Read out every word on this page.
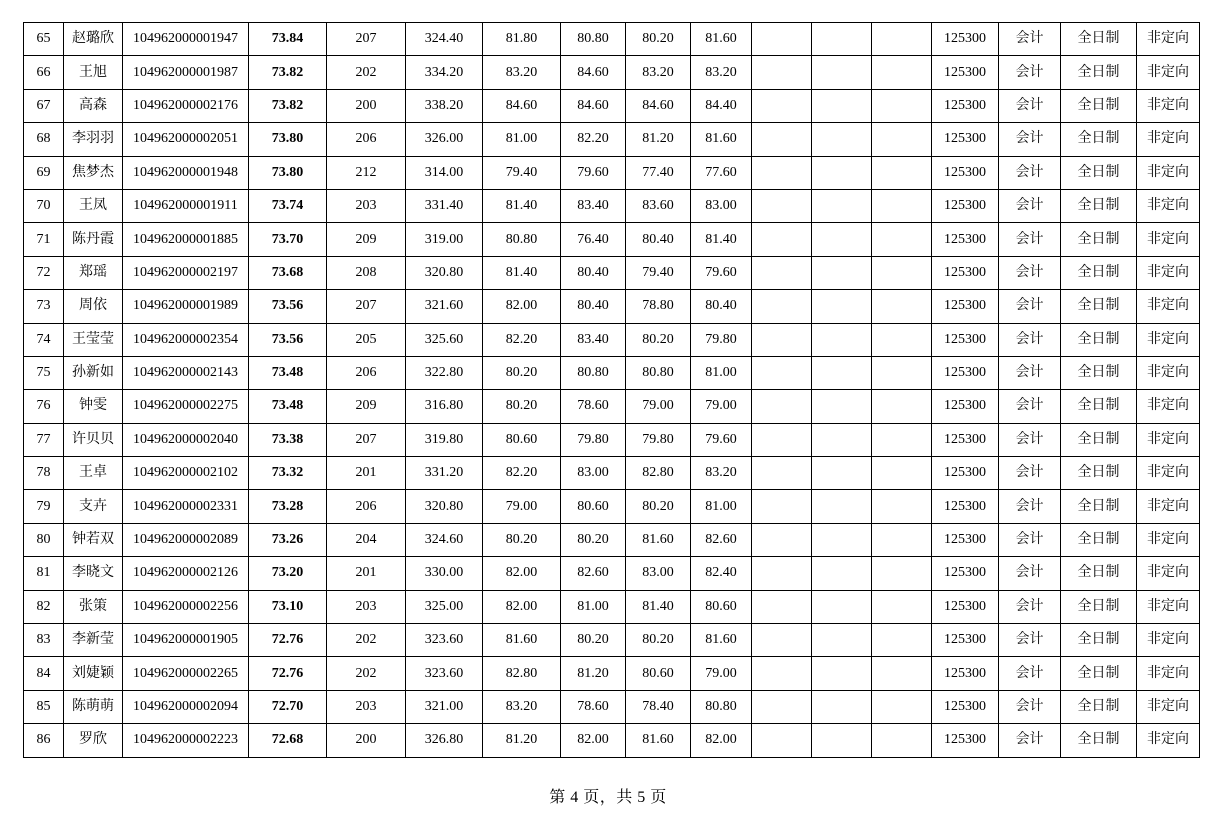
65	赵璐欣	104962000001947	73.84	207	324.40	81.80	80.80	80.20	81.60				125300	会计	全日制	非定向
66	王旭	104962000001987	73.82	202	334.20	83.20	84.60	83.20	83.20				125300	会计	全日制	非定向
67	高森	104962000002176	73.82	200	338.20	84.60	84.60	84.60	84.40				125300	会计	全日制	非定向
68	李羽羽	104962000002051	73.80	206	326.00	81.00	82.20	81.20	81.60				125300	会计	全日制	非定向
69	焦梦杰	104962000001948	73.80	212	314.00	79.40	79.60	77.40	77.60				125300	会计	全日制	非定向
70	王凤	104962000001911	73.74	203	331.40	81.40	83.40	83.60	83.00				125300	会计	全日制	非定向
71	陈丹霞	104962000001885	73.70	209	319.00	80.80	76.40	80.40	81.40				125300	会计	全日制	非定向
72	郑瑶	104962000002197	73.68	208	320.80	81.40	80.40	79.40	79.60				125300	会计	全日制	非定向
73	周依	104962000001989	73.56	207	321.60	82.00	80.40	78.80	80.40				125300	会计	全日制	非定向
74	王莹莹	104962000002354	73.56	205	325.60	82.20	83.40	80.20	79.80				125300	会计	全日制	非定向
75	孙新如	104962000002143	73.48	206	322.80	80.20	80.80	80.80	81.00				125300	会计	全日制	非定向
76	钟雯	104962000002275	73.48	209	316.80	80.20	78.60	79.00	79.00				125300	会计	全日制	非定向
77	许贝贝	104962000002040	73.38	207	319.80	80.60	79.80	79.80	79.60				125300	会计	全日制	非定向
78	王卓	104962000002102	73.32	201	331.20	82.20	83.00	82.80	83.20				125300	会计	全日制	非定向
79	支卉	104962000002331	73.28	206	320.80	79.00	80.60	80.20	81.00				125300	会计	全日制	非定向
80	钟若双	104962000002089	73.26	204	324.60	80.20	80.20	81.60	82.60				125300	会计	全日制	非定向
81	李晓文	104962000002126	73.20	201	330.00	82.00	82.60	83.00	82.40				125300	会计	全日制	非定向
82	张策	104962000002256	73.10	203	325.00	82.00	81.00	81.40	80.60				125300	会计	全日制	非定向
83	李新莹	104962000001905	72.76	202	323.60	81.60	80.20	80.20	81.60				125300	会计	全日制	非定向
84	刘婕颖	104962000002265	72.76	202	323.60	82.80	81.20	80.60	79.00				125300	会计	全日制	非定向
85	陈萌萌	104962000002094	72.70	203	321.00	83.20	78.60	78.40	80.80				125300	会计	全日制	非定向
86	罗欣	104962000002223	72.68	200	326.80	81.20	82.00	81.60	82.00				125300	会计	全日制	非定向
第 4 页，共 5 页
